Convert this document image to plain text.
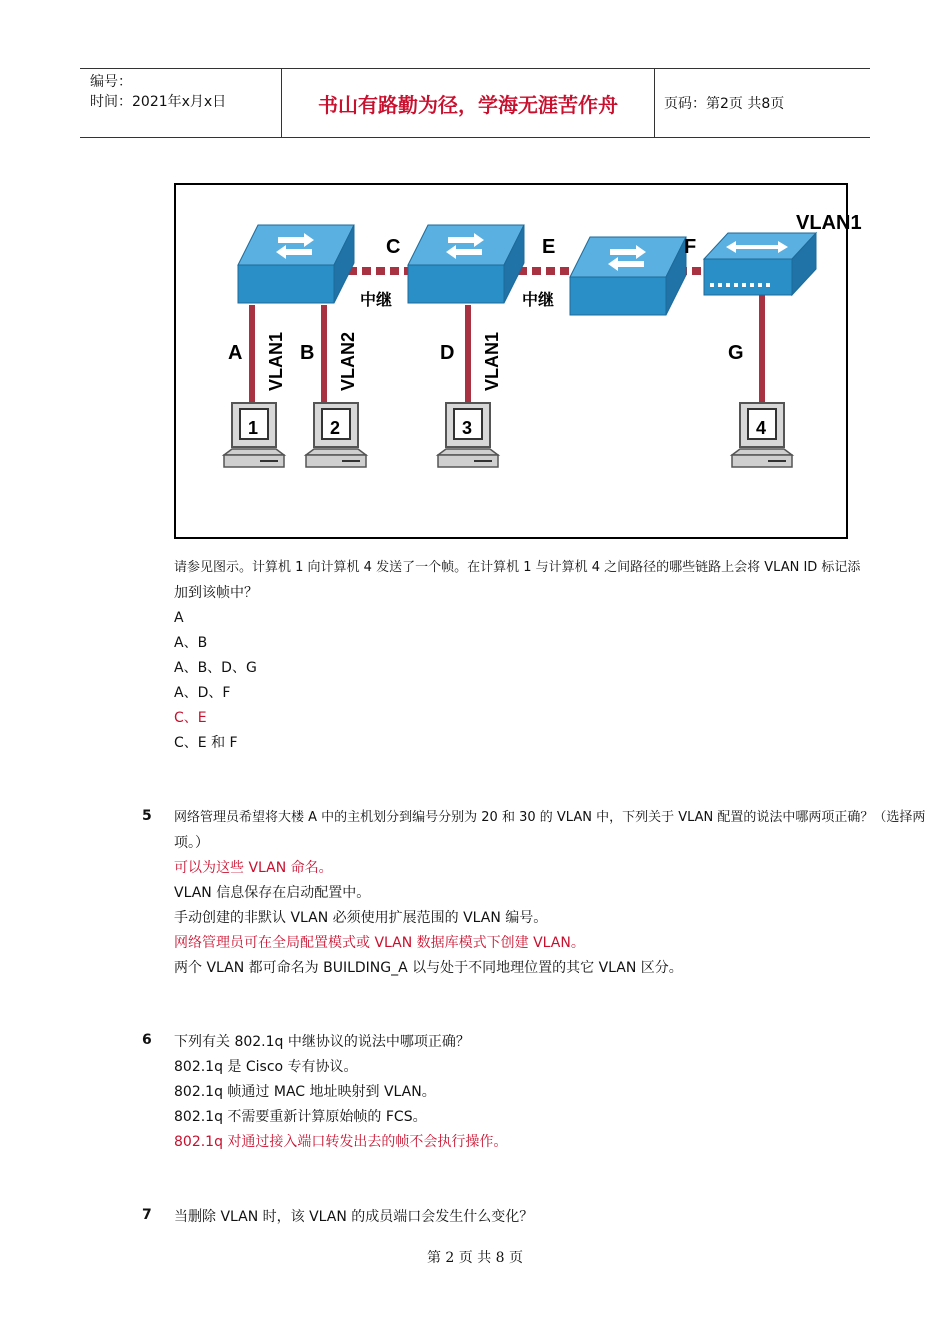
编号：
时间：2021年x月x日	书山有路勤为径，学海无涯苦作舟	页码：第2页 共8页
VLAN1
C	E	F
中继	中继
A	B	D	G
VLAN1	VLAN2	VLAN1
1	2	3	4
请参见图示。计算机 1 向计算机 4 发送了一个帧。在计算机 1 与计算机 4 之间路径的哪些链路上会将 VLAN ID 标记添
加到该帧中？
A
A、B
A、B、D、G
A、D、F
C、E
C、E 和 F
5 网络管理员希望将大楼 A 中的主机划分到编号分别为 20 和 30 的 VLAN 中，下列关于 VLAN 配置的说法中哪两项正确？（选择两
项。）
可以为这些 VLAN 命名。
VLAN 信息保存在启动配置中。
手动创建的非默认 VLAN 必须使用扩展范围的 VLAN 编号。
网络管理员可在全局配置模式或 VLAN 数据库模式下创建 VLAN。
两个 VLAN 都可命名为 BUILDING_A 以与处于不同地理位置的其它 VLAN 区分。
6 下列有关 802.1q 中继协议的说法中哪项正确？
802.1q 是 Cisco 专有协议。
802.1q 帧通过 MAC 地址映射到 VLAN。
802.1q 不需要重新计算原始帧的 FCS。
802.1q 对通过接入端口转发出去的帧不会执行操作。
7 当删除 VLAN 时，该 VLAN 的成员端口会发生什么变化？
第 2 页 共 8 页
